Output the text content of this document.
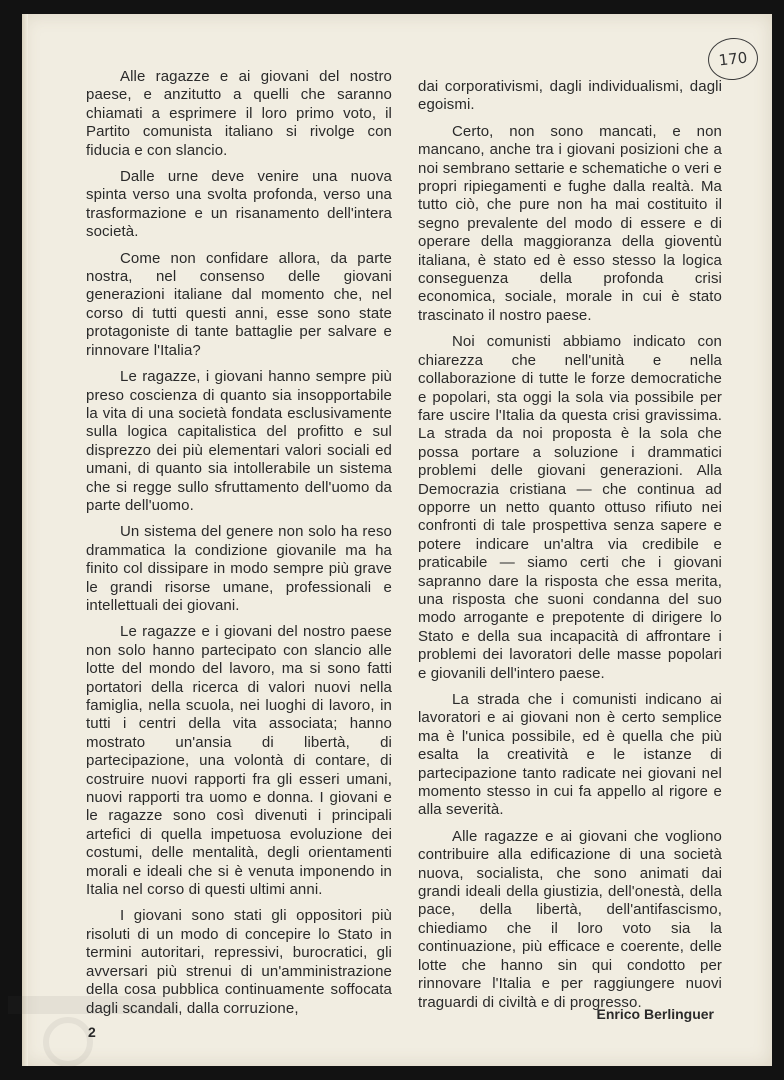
170

Alle ragazze e ai giovani del nostro paese, e anzitutto a quelli che saranno chiamati a esprimere il loro primo voto, il Partito comunista italiano si rivolge con fiducia e con slancio.

Dalle urne deve venire una nuova spinta verso una svolta profonda, verso una trasformazione e un risanamento dell'intera società.

Come non confidare allora, da parte nostra, nel consenso delle giovani generazioni italiane dal momento che, nel corso di tutti questi anni, esse sono state protagoniste di tante battaglie per salvare e rinnovare l'Italia?

Le ragazze, i giovani hanno sempre più preso coscienza di quanto sia insopportabile la vita di una società fondata esclusivamente sulla logica capitalistica del profitto e sul disprezzo dei più elementari valori sociali ed umani, di quanto sia intollerabile un sistema che si regge sullo sfruttamento dell'uomo da parte dell'uomo.

Un sistema del genere non solo ha reso drammatica la condizione giovanile ma ha finito col dissipare in modo sempre più grave le grandi risorse umane, professionali e intellettuali dei giovani.

Le ragazze e i giovani del nostro paese non solo hanno partecipato con slancio alle lotte del mondo del lavoro, ma si sono fatti portatori della ricerca di valori nuovi nella famiglia, nella scuola, nei luoghi di lavoro, in tutti i centri della vita associata; hanno mostrato un'ansia di libertà, di partecipazione, una volontà di contare, di costruire nuovi rapporti fra gli esseri umani, nuovi rapporti tra uomo e donna. I giovani e le ragazze sono così divenuti i principali artefici di quella impetuosa evoluzione dei costumi, delle mentalità, degli orientamenti morali e ideali che si è venuta imponendo in Italia nel corso di questi ultimi anni.

I giovani sono stati gli oppositori più risoluti di un modo di concepire lo Stato in termini autoritari, repressivi, burocratici, gli avversari più strenui di un'amministrazione della cosa pubblica continuamente soffocata dagli scandali, dalla corruzione,

dai corporativismi, dagli individualismi, dagli egoismi.

Certo, non sono mancati, e non mancano, anche tra i giovani posizioni che a noi sembrano settarie e schematiche o veri e propri ripiegamenti e fughe dalla realtà. Ma tutto ciò, che pure non ha mai costituito il segno prevalente del modo di essere e di operare della maggioranza della gioventù italiana, è stato ed è esso stesso la logica conseguenza della profonda crisi economica, sociale, morale in cui è stato trascinato il nostro paese.

Noi comunisti abbiamo indicato con chiarezza che nell'unità e nella collaborazione di tutte le forze democratiche e popolari, sta oggi la sola via possibile per fare uscire l'Italia da questa crisi gravissima. La strada da noi proposta è la sola che possa portare a soluzione i drammatici problemi delle giovani generazioni. Alla Democrazia cristiana — che continua ad opporre un netto quanto ottuso rifiuto nei confronti di tale prospettiva senza sapere e potere indicare un'altra via credibile e praticabile — siamo certi che i giovani sapranno dare la risposta che essa merita, una risposta che suoni condanna del suo modo arrogante e prepotente di dirigere lo Stato e della sua incapacità di affrontare i problemi dei lavoratori delle masse popolari e giovanili dell'intero paese.

La strada che i comunisti indicano ai lavoratori e ai giovani non è certo semplice ma è l'unica possibile, ed è quella che più esalta la creatività e le istanze di partecipazione tanto radicate nei giovani nel momento stesso in cui fa appello al rigore e alla severità.

Alle ragazze e ai giovani che vogliono contribuire alla edificazione di una società nuova, socialista, che sono animati dai grandi ideali della giustizia, dell'onestà, della pace, della libertà, dell'antifascismo, chiediamo che il loro voto sia la continuazione, più efficace e coerente, delle lotte che hanno sin qui condotto per rinnovare l'Italia e per raggiungere nuovi traguardi di civiltà e di progresso.

Enrico Berlinguer
2
